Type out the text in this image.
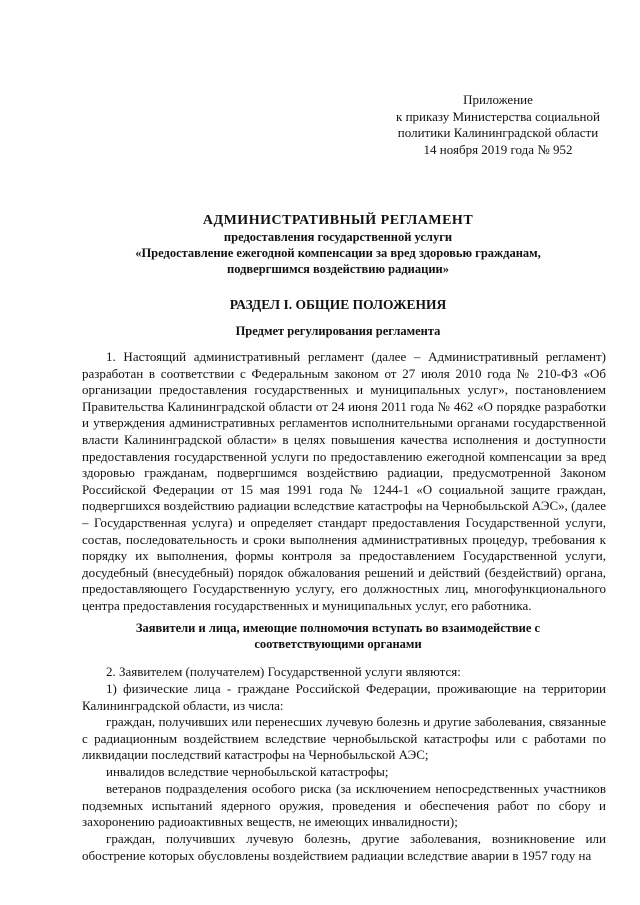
Приложение
к приказу Министерства социальной
политики Калининградской области
14 ноября 2019 года № 952
АДМИНИСТРАТИВНЫЙ РЕГЛАМЕНТ
предоставления государственной услуги
«Предоставление ежегодной компенсации за вред здоровью гражданам,
подвергшимся воздействию радиации»
РАЗДЕЛ I. ОБЩИЕ ПОЛОЖЕНИЯ
Предмет регулирования регламента
1. Настоящий административный регламент (далее – Административный регламент) разработан в соответствии с Федеральным законом от 27 июля 2010 года № 210-ФЗ «Об организации предоставления государственных и муниципальных услуг», постановлением Правительства Калининградской области от 24 июня 2011 года № 462 «О порядке разработки и утверждения административных регламентов исполнительными органами государственной власти Калининградской области» в целях повышения качества исполнения и доступности предоставления государственной услуги по предоставлению ежегодной компенсации за вред здоровью гражданам, подвергшимся воздействию радиации, предусмотренной Законом Российской Федерации от 15 мая 1991 года № 1244-1 «О социальной защите граждан, подвергшихся воздействию радиации вследствие катастрофы на Чернобыльской АЭС», (далее – Государственная услуга) и определяет стандарт предоставления Государственной услуги, состав, последовательность и сроки выполнения административных процедур, требования к порядку их выполнения, формы контроля за предоставлением Государственной услуги, досудебный (внесудебный) порядок обжалования решений и действий (бездействий) органа, предоставляющего Государственную услугу, его должностных лиц, многофункционального центра предоставления государственных и муниципальных услуг, его работника.
Заявители и лица, имеющие полномочия вступать во взаимодействие с
соответствующими органами
2. Заявителем (получателем) Государственной услуги являются:
1) физические лица - граждане Российской Федерации, проживающие на территории Калининградской области, из числа:
граждан, получивших или перенесших лучевую болезнь и другие заболевания, связанные с радиационным воздействием вследствие чернобыльской катастрофы или с работами по ликвидации последствий катастрофы на Чернобыльской АЭС;
инвалидов вследствие чернобыльской катастрофы;
ветеранов подразделения особого риска (за исключением непосредственных участников подземных испытаний ядерного оружия, проведения и обеспечения работ по сбору и захоронению радиоактивных веществ, не имеющих инвалидности);
граждан, получивших лучевую болезнь, другие заболевания, возникновение или обострение которых обусловлены воздействием радиации вследствие аварии в 1957 году на
